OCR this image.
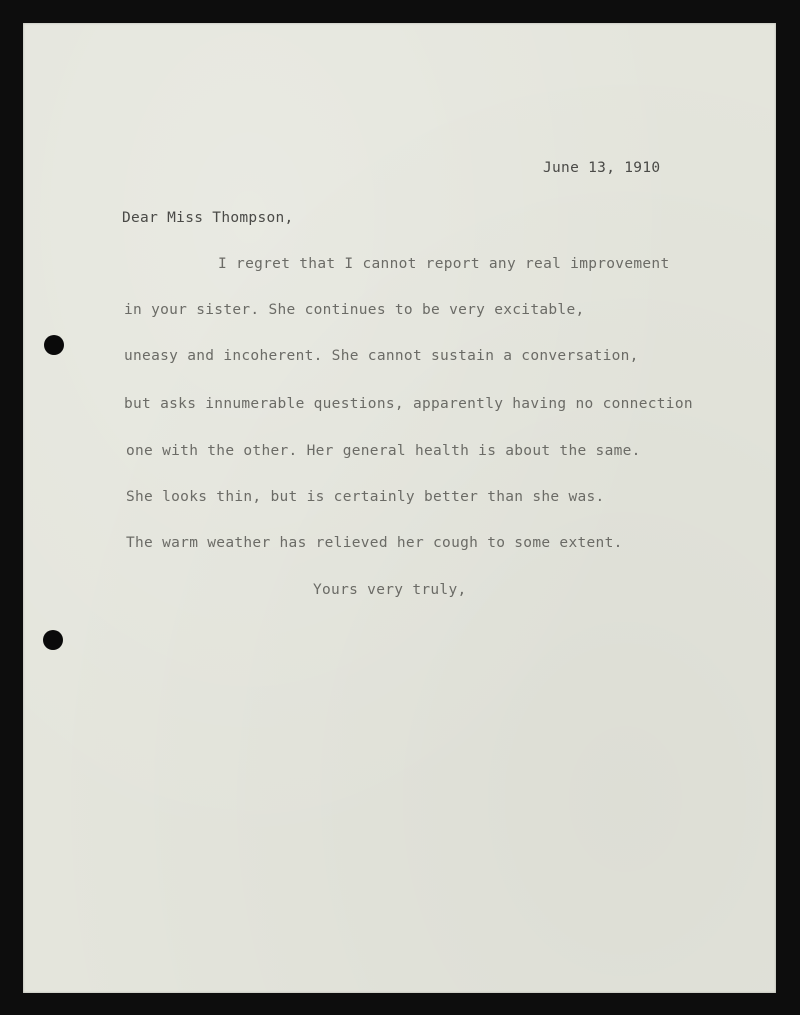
June 13, 1910
Dear Miss Thompson,
I regret that I cannot report any real improvement
in your sister. She continues to be very excitable,
uneasy and incoherent. She cannot sustain a conversation,
but asks innumerable questions, apparently having no connection
one with the other. Her general health is about the same.
She looks thin, but is certainly better than she was.
The warm weather has relieved her cough to some extent.
Yours very truly,
